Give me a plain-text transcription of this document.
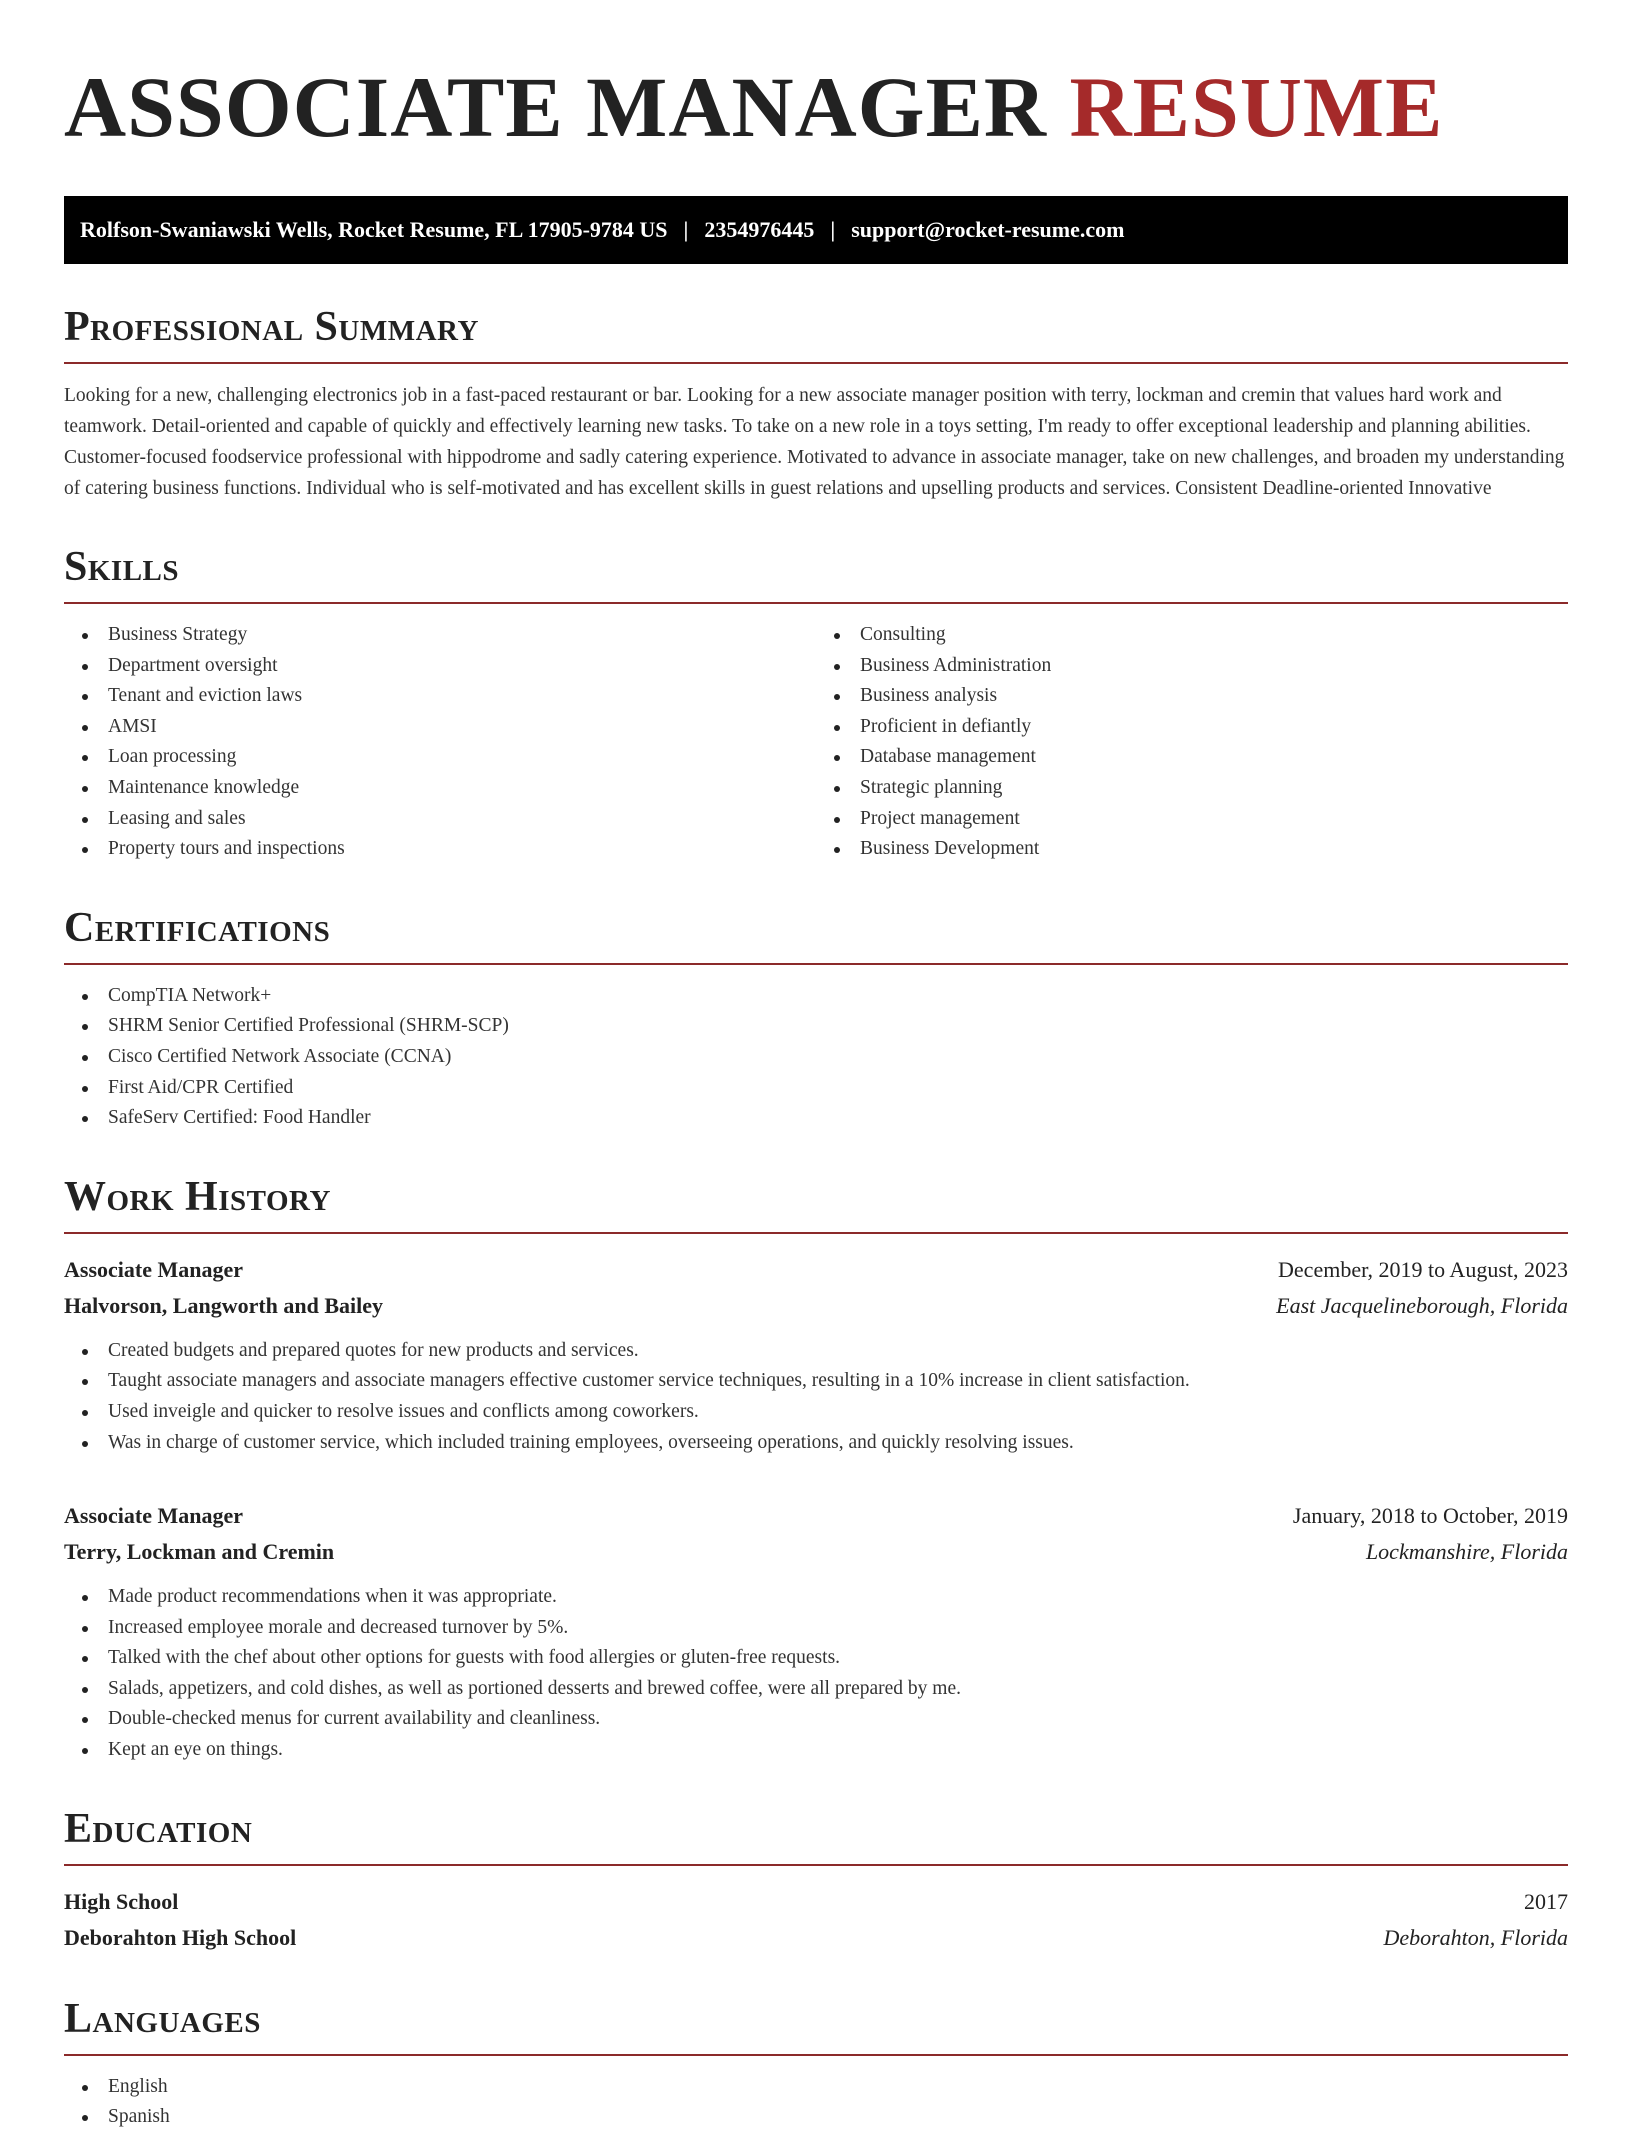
ASSOCIATE MANAGER RESUME
Rolfson-Swaniawski Wells, Rocket Resume, FL 17905-9784 US | 2354976445 | support@rocket-resume.com
Professional Summary

Looking for a new, challenging electronics job in a fast-paced restaurant or bar. Looking for a new associate manager position with terry, lockman and cremin that values hard work and teamwork. Detail-oriented and capable of quickly and effectively learning new tasks. To take on a new role in a toys setting, I'm ready to offer exceptional leadership and planning abilities. Customer-focused foodservice professional with hippodrome and sadly catering experience. Motivated to advance in associate manager, take on new challenges, and broaden my understanding of catering business functions. Individual who is self-motivated and has excellent skills in guest relations and upselling products and services. Consistent Deadline-oriented Innovative

Skills
Business Strategy
Department oversight
Tenant and eviction laws
AMSI
Loan processing
Maintenance knowledge
Leasing and sales
Property tours and inspections
Consulting
Business Administration
Business analysis
Proficient in defiantly
Database management
Strategic planning
Project management
Business Development
Certifications
CompTIA Network+
SHRM Senior Certified Professional (SHRM-SCP)
Cisco Certified Network Associate (CCNA)
First Aid/CPR Certified
SafeServ Certified: Food Handler
Work History
Associate Manager	December, 2019 to August, 2023
Halvorson, Langworth and Bailey	East Jacquelineborough, Florida
Created budgets and prepared quotes for new products and services.
Taught associate managers and associate managers effective customer service techniques, resulting in a 10% increase in client satisfaction.
Used inveigle and quicker to resolve issues and conflicts among coworkers.
Was in charge of customer service, which included training employees, overseeing operations, and quickly resolving issues.
Associate Manager	January, 2018 to October, 2019
Terry, Lockman and Cremin	Lockmanshire, Florida
Made product recommendations when it was appropriate.
Increased employee morale and decreased turnover by 5%.
Talked with the chef about other options for guests with food allergies or gluten-free requests.
Salads, appetizers, and cold dishes, as well as portioned desserts and brewed coffee, were all prepared by me.
Double-checked menus for current availability and cleanliness.
Kept an eye on things.
Education
High School	2017
Deborahton High School	Deborahton, Florida
Languages
English
Spanish
